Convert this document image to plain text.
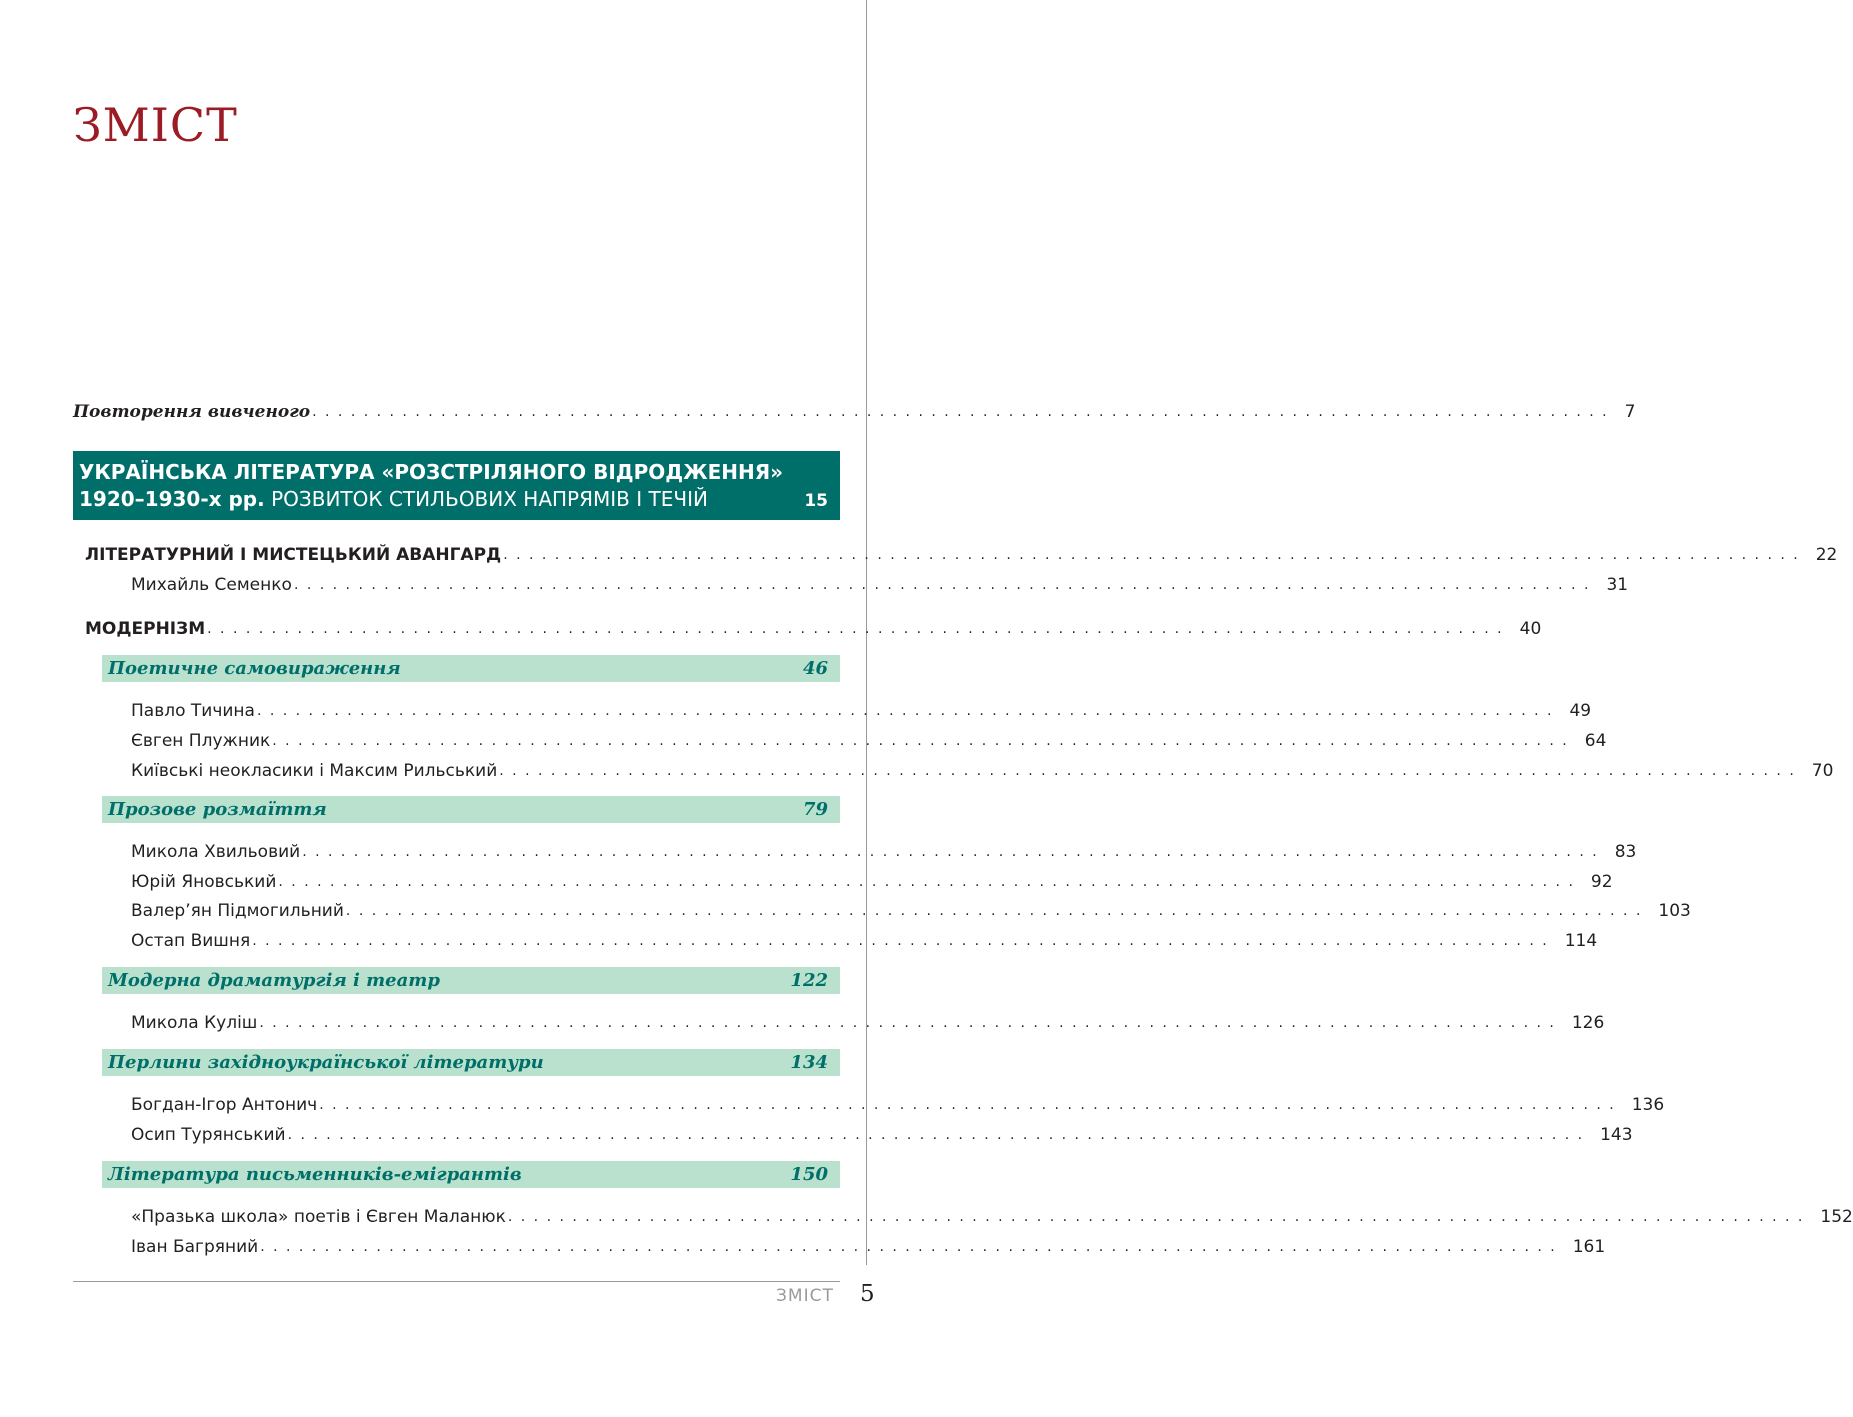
ЗМІСТ
Повторення вивченого . . . . . . . . . . . . . . . . . . . . . . . . . . . . . . . . . . . . . . . . . . . . . . . . . . . . . . . . . . . . . . . . . . . . . . . . . . . . . . . . . . . . . . . . . . . . . . . . . . . . . 7
УКРАЇНСЬКА ЛІТЕРАТУРА «РОЗСТРІЛЯНОГО ВІДРОДЖЕННЯ»
1920–1930-х рр. РОЗВИТОК СТИЛЬОВИХ НАПРЯМІВ І ТЕЧІЙ	15
ЛІТЕРАТУРНИЙ І МИСТЕЦЬКИЙ АВАНГАРД . . . . . . . . . . . . . . . . . . . . . . . . . . . . . . . . . . . . . . . . . . . . . . . . . . . . . . . . . . . . . . . . . . . . . . . . . . . . . . . . . . . . . . . . . . . . . . . . . . . . . 22
Михайль Семенко . . . . . . . . . . . . . . . . . . . . . . . . . . . . . . . . . . . . . . . . . . . . . . . . . . . . . . . . . . . . . . . . . . . . . . . . . . . . . . . . . . . . . . . . . . . . . . . . . . . . . 31
МОДЕРНІЗМ . . . . . . . . . . . . . . . . . . . . . . . . . . . . . . . . . . . . . . . . . . . . . . . . . . . . . . . . . . . . . . . . . . . . . . . . . . . . . . . . . . . . . . . . . . . . . . . . . . . . . 40
Поетичне самовираження	46
Павло Тичина . . . . . . . . . . . . . . . . . . . . . . . . . . . . . . . . . . . . . . . . . . . . . . . . . . . . . . . . . . . . . . . . . . . . . . . . . . . . . . . . . . . . . . . . . . . . . . . . . . . . . 49
Євген Плужник . . . . . . . . . . . . . . . . . . . . . . . . . . . . . . . . . . . . . . . . . . . . . . . . . . . . . . . . . . . . . . . . . . . . . . . . . . . . . . . . . . . . . . . . . . . . . . . . . . . . . 64
Київські неокласики і Максим Рильський . . . . . . . . . . . . . . . . . . . . . . . . . . . . . . . . . . . . . . . . . . . . . . . . . . . . . . . . . . . . . . . . . . . . . . . . . . . . . . . . . . . . . . . . . . . . . . . . . . . . . 70
Прозове розмаїття	79
Микола Хвильовий . . . . . . . . . . . . . . . . . . . . . . . . . . . . . . . . . . . . . . . . . . . . . . . . . . . . . . . . . . . . . . . . . . . . . . . . . . . . . . . . . . . . . . . . . . . . . . . . . . . . . 83
Юрій Яновський . . . . . . . . . . . . . . . . . . . . . . . . . . . . . . . . . . . . . . . . . . . . . . . . . . . . . . . . . . . . . . . . . . . . . . . . . . . . . . . . . . . . . . . . . . . . . . . . . . . . . 92
Валер’ян Підмогильний . . . . . . . . . . . . . . . . . . . . . . . . . . . . . . . . . . . . . . . . . . . . . . . . . . . . . . . . . . . . . . . . . . . . . . . . . . . . . . . . . . . . . . . . . . . . . . . . . . . . . 103
Остап Вишня . . . . . . . . . . . . . . . . . . . . . . . . . . . . . . . . . . . . . . . . . . . . . . . . . . . . . . . . . . . . . . . . . . . . . . . . . . . . . . . . . . . . . . . . . . . . . . . . . . . . . 114
Модерна драматургія і театр	122
Микола Куліш . . . . . . . . . . . . . . . . . . . . . . . . . . . . . . . . . . . . . . . . . . . . . . . . . . . . . . . . . . . . . . . . . . . . . . . . . . . . . . . . . . . . . . . . . . . . . . . . . . . . . 126
Перлини західноукраїнської літератури	134
Богдан-Ігор Антонич . . . . . . . . . . . . . . . . . . . . . . . . . . . . . . . . . . . . . . . . . . . . . . . . . . . . . . . . . . . . . . . . . . . . . . . . . . . . . . . . . . . . . . . . . . . . . . . . . . . . . 136
Осип Турянський . . . . . . . . . . . . . . . . . . . . . . . . . . . . . . . . . . . . . . . . . . . . . . . . . . . . . . . . . . . . . . . . . . . . . . . . . . . . . . . . . . . . . . . . . . . . . . . . . . . . . 143
Література письменників-емігрантів	150
«Празька школа» поетів і Євген Маланюк . . . . . . . . . . . . . . . . . . . . . . . . . . . . . . . . . . . . . . . . . . . . . . . . . . . . . . . . . . . . . . . . . . . . . . . . . . . . . . . . . . . . . . . . . . . . . . . . . . . . . 152
Іван Багряний . . . . . . . . . . . . . . . . . . . . . . . . . . . . . . . . . . . . . . . . . . . . . . . . . . . . . . . . . . . . . . . . . . . . . . . . . . . . . . . . . . . . . . . . . . . . . . . . . . . . . 161
ЗМІСТ 5
